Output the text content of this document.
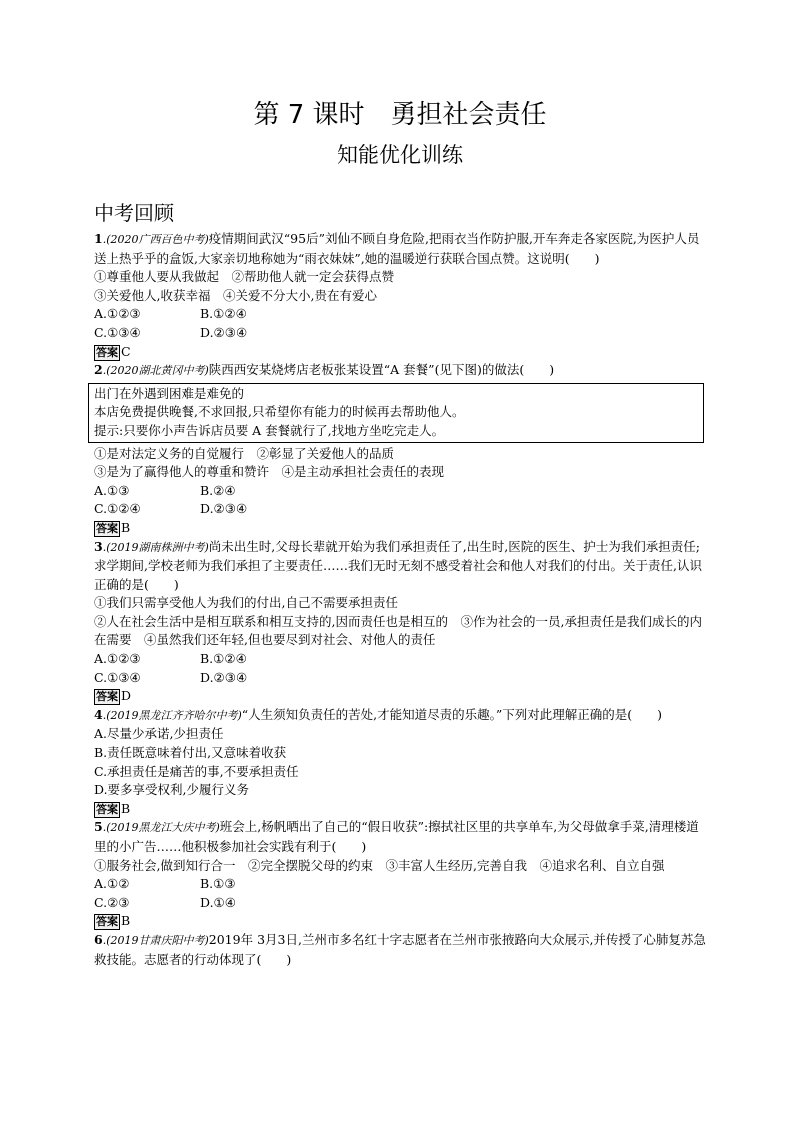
第 7 课时　勇担社会责任
知能优化训练
中考回顾

1.(2020广西百色中考)疫情期间武汉“95后”刘仙不顾自身危险,把雨衣当作防护服,开车奔走各家医院,为医护人员送上热乎乎的盒饭,大家亲切地称她为“雨衣妹妹”,她的温暖逆行获联合国点赞。这说明(　　)

①尊重他人要从我做起　②帮助他人就一定会获得点赞

③关爱他人,收获幸福　④关爱不分大小,贵在有爱心

A.①②③	B.①②④
C.①③④	D.②③④

答案 C

2.(2020湖北黄冈中考)陕西西安某烧烤店老板张某设置“A 套餐”(见下图)的做法(　　)

出门在外遇到困难是难免的

本店免费提供晚餐,不求回报,只希望你有能力的时候再去帮助他人。

提示:只要你小声告诉店员要 A 套餐就行了,找地方坐吃完走人。

①是对法定义务的自觉履行　②彰显了关爱他人的品质

③是为了赢得他人的尊重和赞许　④是主动承担社会责任的表现

A.①③	B.②④
C.①②④	D.②③④

答案 B

3.(2019湖南株洲中考)尚未出生时,父母长辈就开始为我们承担责任了,出生时,医院的医生、护士为我们承担责任;求学期间,学校老师为我们承担了主要责任……我们无时无刻不感受着社会和他人对我们的付出。关于责任,认识正确的是(　　)

①我们只需享受他人为我们的付出,自己不需要承担责任

②人在社会生活中是相互联系和相互支持的,因而责任也是相互的　③作为社会的一员,承担责任是我们成长的内在需要　④虽然我们还年轻,但也要尽到对社会、对他人的责任

A.①②③	B.①②④
C.①③④	D.②③④

答案 D

4.(2019黑龙江齐齐哈尔中考)“人生须知负责任的苦处,才能知道尽责的乐趣。”下列对此理解正确的是(　　)

A.尽量少承诺,少担责任

B.责任既意味着付出,又意味着收获

C.承担责任是痛苦的事,不要承担责任

D.要多享受权利,少履行义务

答案 B

5.(2019黑龙江大庆中考)班会上,杨帆晒出了自己的“假日收获”:擦拭社区里的共享单车,为父母做拿手菜,清理楼道里的小广告……他积极参加社会实践有利于(　　)

①服务社会,做到知行合一　②完全摆脱父母的约束　③丰富人生经历,完善自我　④追求名利、自立自强

A.①②	B.①③
C.②③	D.①④

答案 B

6.(2019甘肃庆阳中考)2019年 3月3日,兰州市多名红十字志愿者在兰州市张掖路向大众展示,并传授了心肺复苏急救技能。志愿者的行动体现了(　　)
